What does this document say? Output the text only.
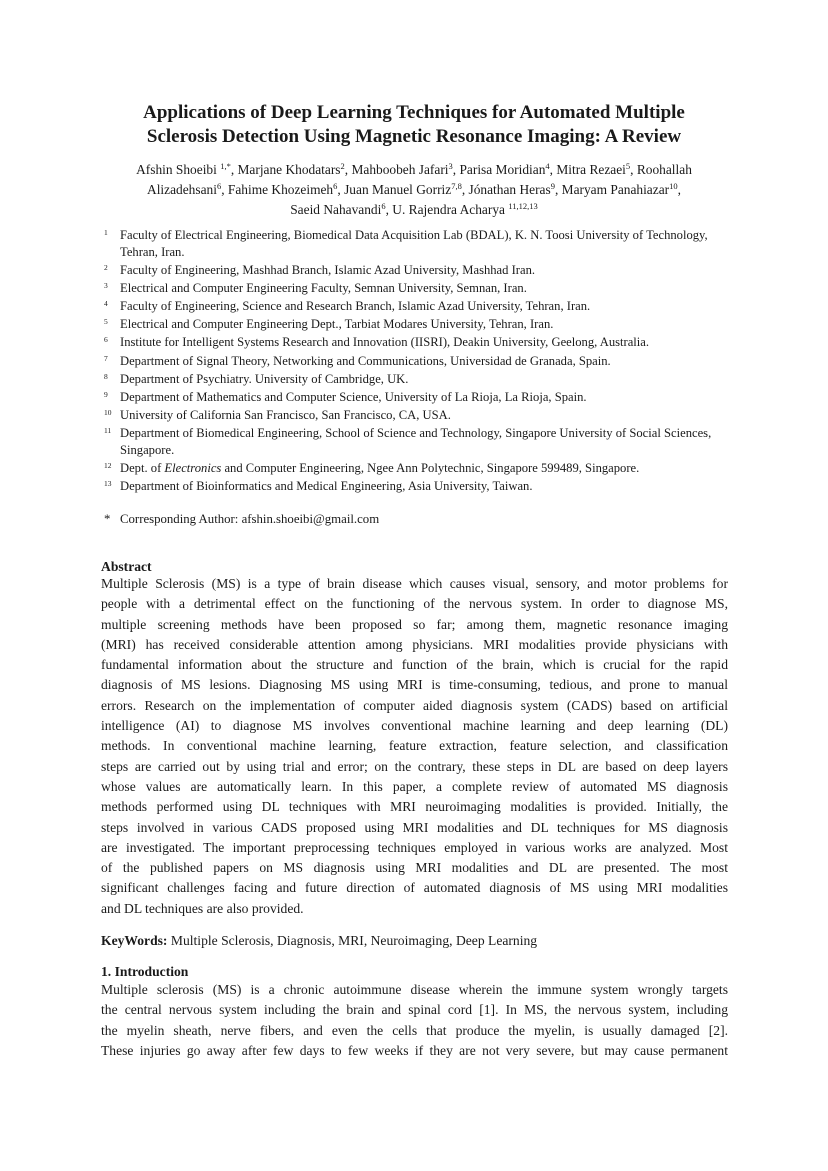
Applications of Deep Learning Techniques for Automated Multiple
Sclerosis Detection Using Magnetic Resonance Imaging: A Review
Afshin Shoeibi $^{1,*}$, Marjane Khodatars$^2$, Mahboobeh Jafari$^3$, Parisa Moridian$^4$, Mitra Rezaei$^5$, Roohallah
Alizadehsani$^6$, Fahime Khozeimeh$^6$, Juan Manuel Gorriz$^{7,8}$, Jónathan Heras$^9$, Maryam Panahiazar$^{10}$,
Saeid Nahavandi$^6$, U. Rajendra Acharya $^{11,12,13}$
1 Faculty of Electrical Engineering, Biomedical Data Acquisition Lab (BDAL), K. N. Toosi University of Technology, Tehran, Iran.
2 Faculty of Engineering, Mashhad Branch, Islamic Azad University, Mashhad Iran.
3 Electrical and Computer Engineering Faculty, Semnan University, Semnan, Iran.
4 Faculty of Engineering, Science and Research Branch, Islamic Azad University, Tehran, Iran.
5 Electrical and Computer Engineering Dept., Tarbiat Modares University, Tehran, Iran.
6 Institute for Intelligent Systems Research and Innovation (IISRI), Deakin University, Geelong, Australia.
7 Department of Signal Theory, Networking and Communications, Universidad de Granada, Spain.
8 Department of Psychiatry. University of Cambridge, UK.
9 Department of Mathematics and Computer Science, University of La Rioja, La Rioja, Spain.
10 University of California San Francisco, San Francisco, CA, USA.
11 Department of Biomedical Engineering, School of Science and Technology, Singapore University of Social Sciences, Singapore.
12 Dept. of Electronics and Computer Engineering, Ngee Ann Polytechnic, Singapore 599489, Singapore.
13 Department of Bioinformatics and Medical Engineering, Asia University, Taiwan.
* Corresponding Author: afshin.shoeibi@gmail.com
Abstract
Multiple Sclerosis (MS) is a type of brain disease which causes visual, sensory, and motor problems for
people with a detrimental effect on the functioning of the nervous system. In order to diagnose MS,
multiple screening methods have been proposed so far; among them, magnetic resonance imaging
(MRI) has received considerable attention among physicians. MRI modalities provide physicians with
fundamental information about the structure and function of the brain, which is crucial for the rapid
diagnosis of MS lesions. Diagnosing MS using MRI is time-consuming, tedious, and prone to manual
errors. Research on the implementation of computer aided diagnosis system (CADS) based on artificial
intelligence (AI) to diagnose MS involves conventional machine learning and deep learning (DL)
methods. In conventional machine learning, feature extraction, feature selection, and classification
steps are carried out by using trial and error; on the contrary, these steps in DL are based on deep layers
whose values are automatically learn. In this paper, a complete review of automated MS diagnosis
methods performed using DL techniques with MRI neuroimaging modalities is provided. Initially, the
steps involved in various CADS proposed using MRI modalities and DL techniques for MS diagnosis
are investigated. The important preprocessing techniques employed in various works are analyzed. Most
of the published papers on MS diagnosis using MRI modalities and DL are presented. The most
significant challenges facing and future direction of automated diagnosis of MS using MRI modalities
and DL techniques are also provided.
KeyWords: Multiple Sclerosis, Diagnosis, MRI, Neuroimaging, Deep Learning
1. Introduction
Multiple sclerosis (MS) is a chronic autoimmune disease wherein the immune system wrongly targets
the central nervous system including the brain and spinal cord [1]. In MS, the nervous system, including
the myelin sheath, nerve fibers, and even the cells that produce the myelin, is usually damaged [2].
These injuries go away after few days to few weeks if they are not very severe, but may cause permanent
